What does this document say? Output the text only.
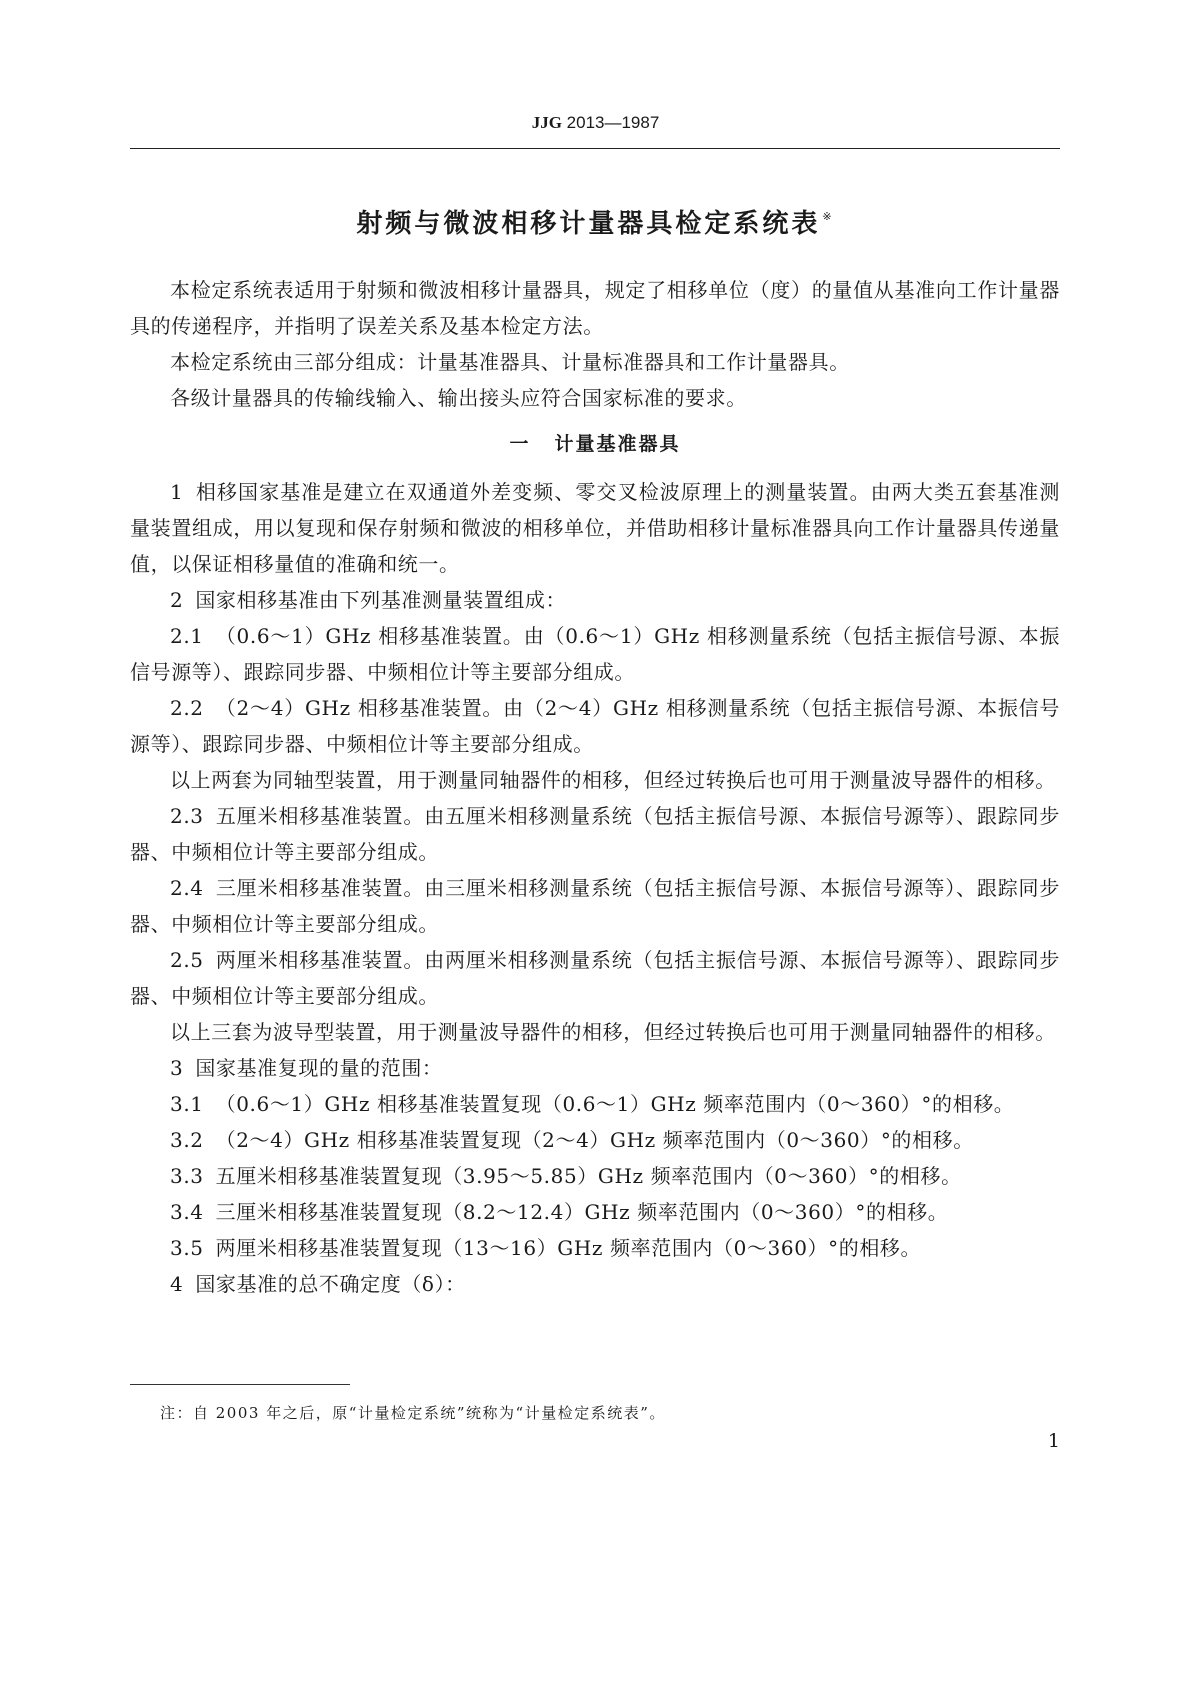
JJG 2013—1987
射频与微波相移计量器具检定系统表 ※

本检定系统表适用于射频和微波相移计量器具，规定了相移单位（度）的量值从基准向工作计量器具的传递程序，并指明了误差关系及基本检定方法。

本检定系统由三部分组成：计量基准器具、计量标准器具和工作计量器具。

各级计量器具的传输线输入、输出接头应符合国家标准的要求。

一 计量基准器具

1 相移国家基准是建立在双通道外差变频、零交叉检波原理上的测量装置。由两大类五套基准测量装置组成，用以复现和保存射频和微波的相移单位，并借助相移计量标准器具向工作计量器具传递量值，以保证相移量值的准确和统一。

2 国家相移基准由下列基准测量装置组成：

2.1 （0.6～1）GHz 相移基准装置。由（0.6～1）GHz 相移测量系统（包括主振信号源、本振信号源等）、跟踪同步器、中频相位计等主要部分组成。

2.2 （2～4）GHz 相移基准装置。由（2～4）GHz 相移测量系统（包括主振信号源、本振信号源等）、跟踪同步器、中频相位计等主要部分组成。

以上两套为同轴型装置，用于测量同轴器件的相移，但经过转换后也可用于测量波导器件的相移。

2.3 五厘米相移基准装置。由五厘米相移测量系统（包括主振信号源、本振信号源等）、跟踪同步器、中频相位计等主要部分组成。

2.4 三厘米相移基准装置。由三厘米相移测量系统（包括主振信号源、本振信号源等）、跟踪同步器、中频相位计等主要部分组成。

2.5 两厘米相移基准装置。由两厘米相移测量系统（包括主振信号源、本振信号源等）、跟踪同步器、中频相位计等主要部分组成。

以上三套为波导型装置，用于测量波导器件的相移，但经过转换后也可用于测量同轴器件的相移。

3 国家基准复现的量的范围：

3.1 （0.6～1）GHz 相移基准装置复现（0.6～1）GHz 频率范围内（0～360）°的相移。

3.2 （2～4）GHz 相移基准装置复现（2～4）GHz 频率范围内（0～360）°的相移。

3.3 五厘米相移基准装置复现（3.95～5.85）GHz 频率范围内（0～360）°的相移。

3.4 三厘米相移基准装置复现（8.2～12.4）GHz 频率范围内（0～360）°的相移。

3.5 两厘米相移基准装置复现（13～16）GHz 频率范围内（0～360）°的相移。

4 国家基准的总不确定度（δ）：

注：自 2003 年之后，原“计量检定系统”统称为“计量检定系统表”。
1
